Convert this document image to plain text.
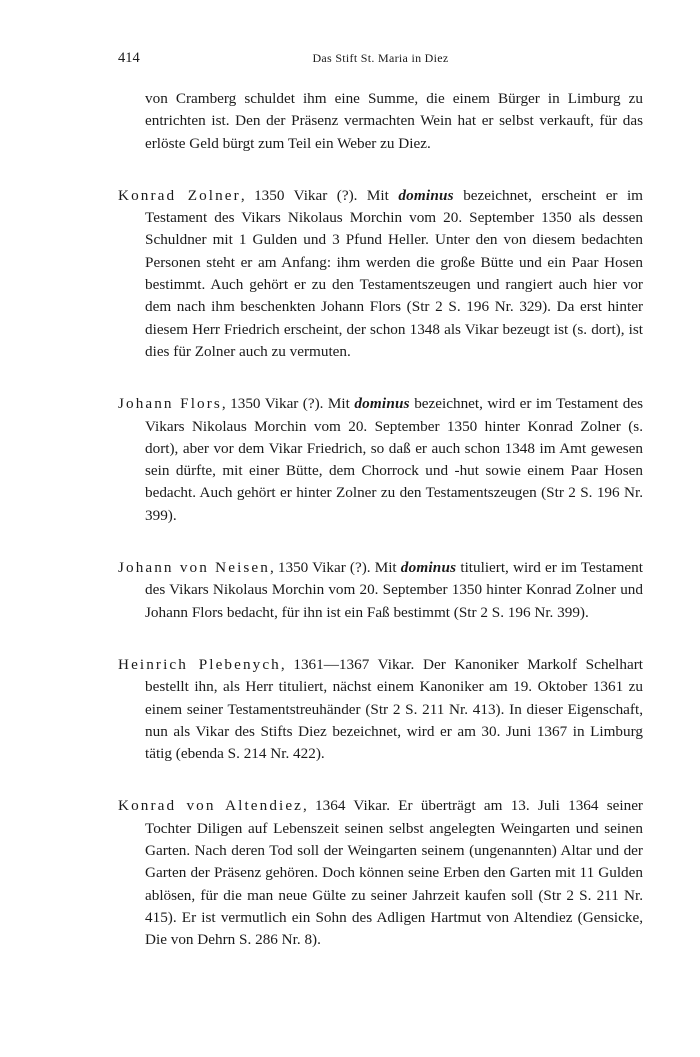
414	Das Stift St. Maria in Diez

von Cramberg schuldet ihm eine Summe, die einem Bürger in Limburg zu entrichten ist. Den der Präsenz vermachten Wein hat er selbst verkauft, für das erlöste Geld bürgt zum Teil ein Weber zu Diez.

Konrad Zolner, 1350 Vikar (?). Mit dominus bezeichnet, erscheint er im Testament des Vikars Nikolaus Morchin vom 20. September 1350 als dessen Schuldner mit 1 Gulden und 3 Pfund Heller. Unter den von diesem bedachten Personen steht er am Anfang: ihm werden die große Bütte und ein Paar Hosen bestimmt. Auch gehört er zu den Testamentszeugen und rangiert auch hier vor dem nach ihm beschenkten Johann Flors (Str 2 S. 196 Nr. 329). Da erst hinter diesem Herr Friedrich erscheint, der schon 1348 als Vikar bezeugt ist (s. dort), ist dies für Zolner auch zu vermuten.

Johann Flors, 1350 Vikar (?). Mit dominus bezeichnet, wird er im Testament des Vikars Nikolaus Morchin vom 20. September 1350 hinter Konrad Zolner (s. dort), aber vor dem Vikar Friedrich, so daß er auch schon 1348 im Amt gewesen sein dürfte, mit einer Bütte, dem Chorrock und -hut sowie einem Paar Hosen bedacht. Auch gehört er hinter Zolner zu den Testamentszeugen (Str 2 S. 196 Nr. 399).

Johann von Neisen, 1350 Vikar (?). Mit dominus tituliert, wird er im Testament des Vikars Nikolaus Morchin vom 20. September 1350 hinter Konrad Zolner und Johann Flors bedacht, für ihn ist ein Faß bestimmt (Str 2 S. 196 Nr. 399).

Heinrich Plebenych, 1361—1367 Vikar. Der Kanoniker Markolf Schelhart bestellt ihn, als Herr tituliert, nächst einem Kanoniker am 19. Oktober 1361 zu einem seiner Testamentstreuhänder (Str 2 S. 211 Nr. 413). In dieser Eigenschaft, nun als Vikar des Stifts Diez bezeichnet, wird er am 30. Juni 1367 in Limburg tätig (ebenda S. 214 Nr. 422).

Konrad von Altendiez, 1364 Vikar. Er überträgt am 13. Juli 1364 seiner Tochter Diligen auf Lebenszeit seinen selbst angelegten Weingarten und seinen Garten. Nach deren Tod soll der Weingarten seinem (ungenannten) Altar und der Garten der Präsenz gehören. Doch können seine Erben den Garten mit 11 Gulden ablösen, für die man neue Gülte zu seiner Jahrzeit kaufen soll (Str 2 S. 211 Nr. 415). Er ist vermutlich ein Sohn des Adligen Hartmut von Altendiez (Gensicke, Die von Dehrn S. 286 Nr. 8).
